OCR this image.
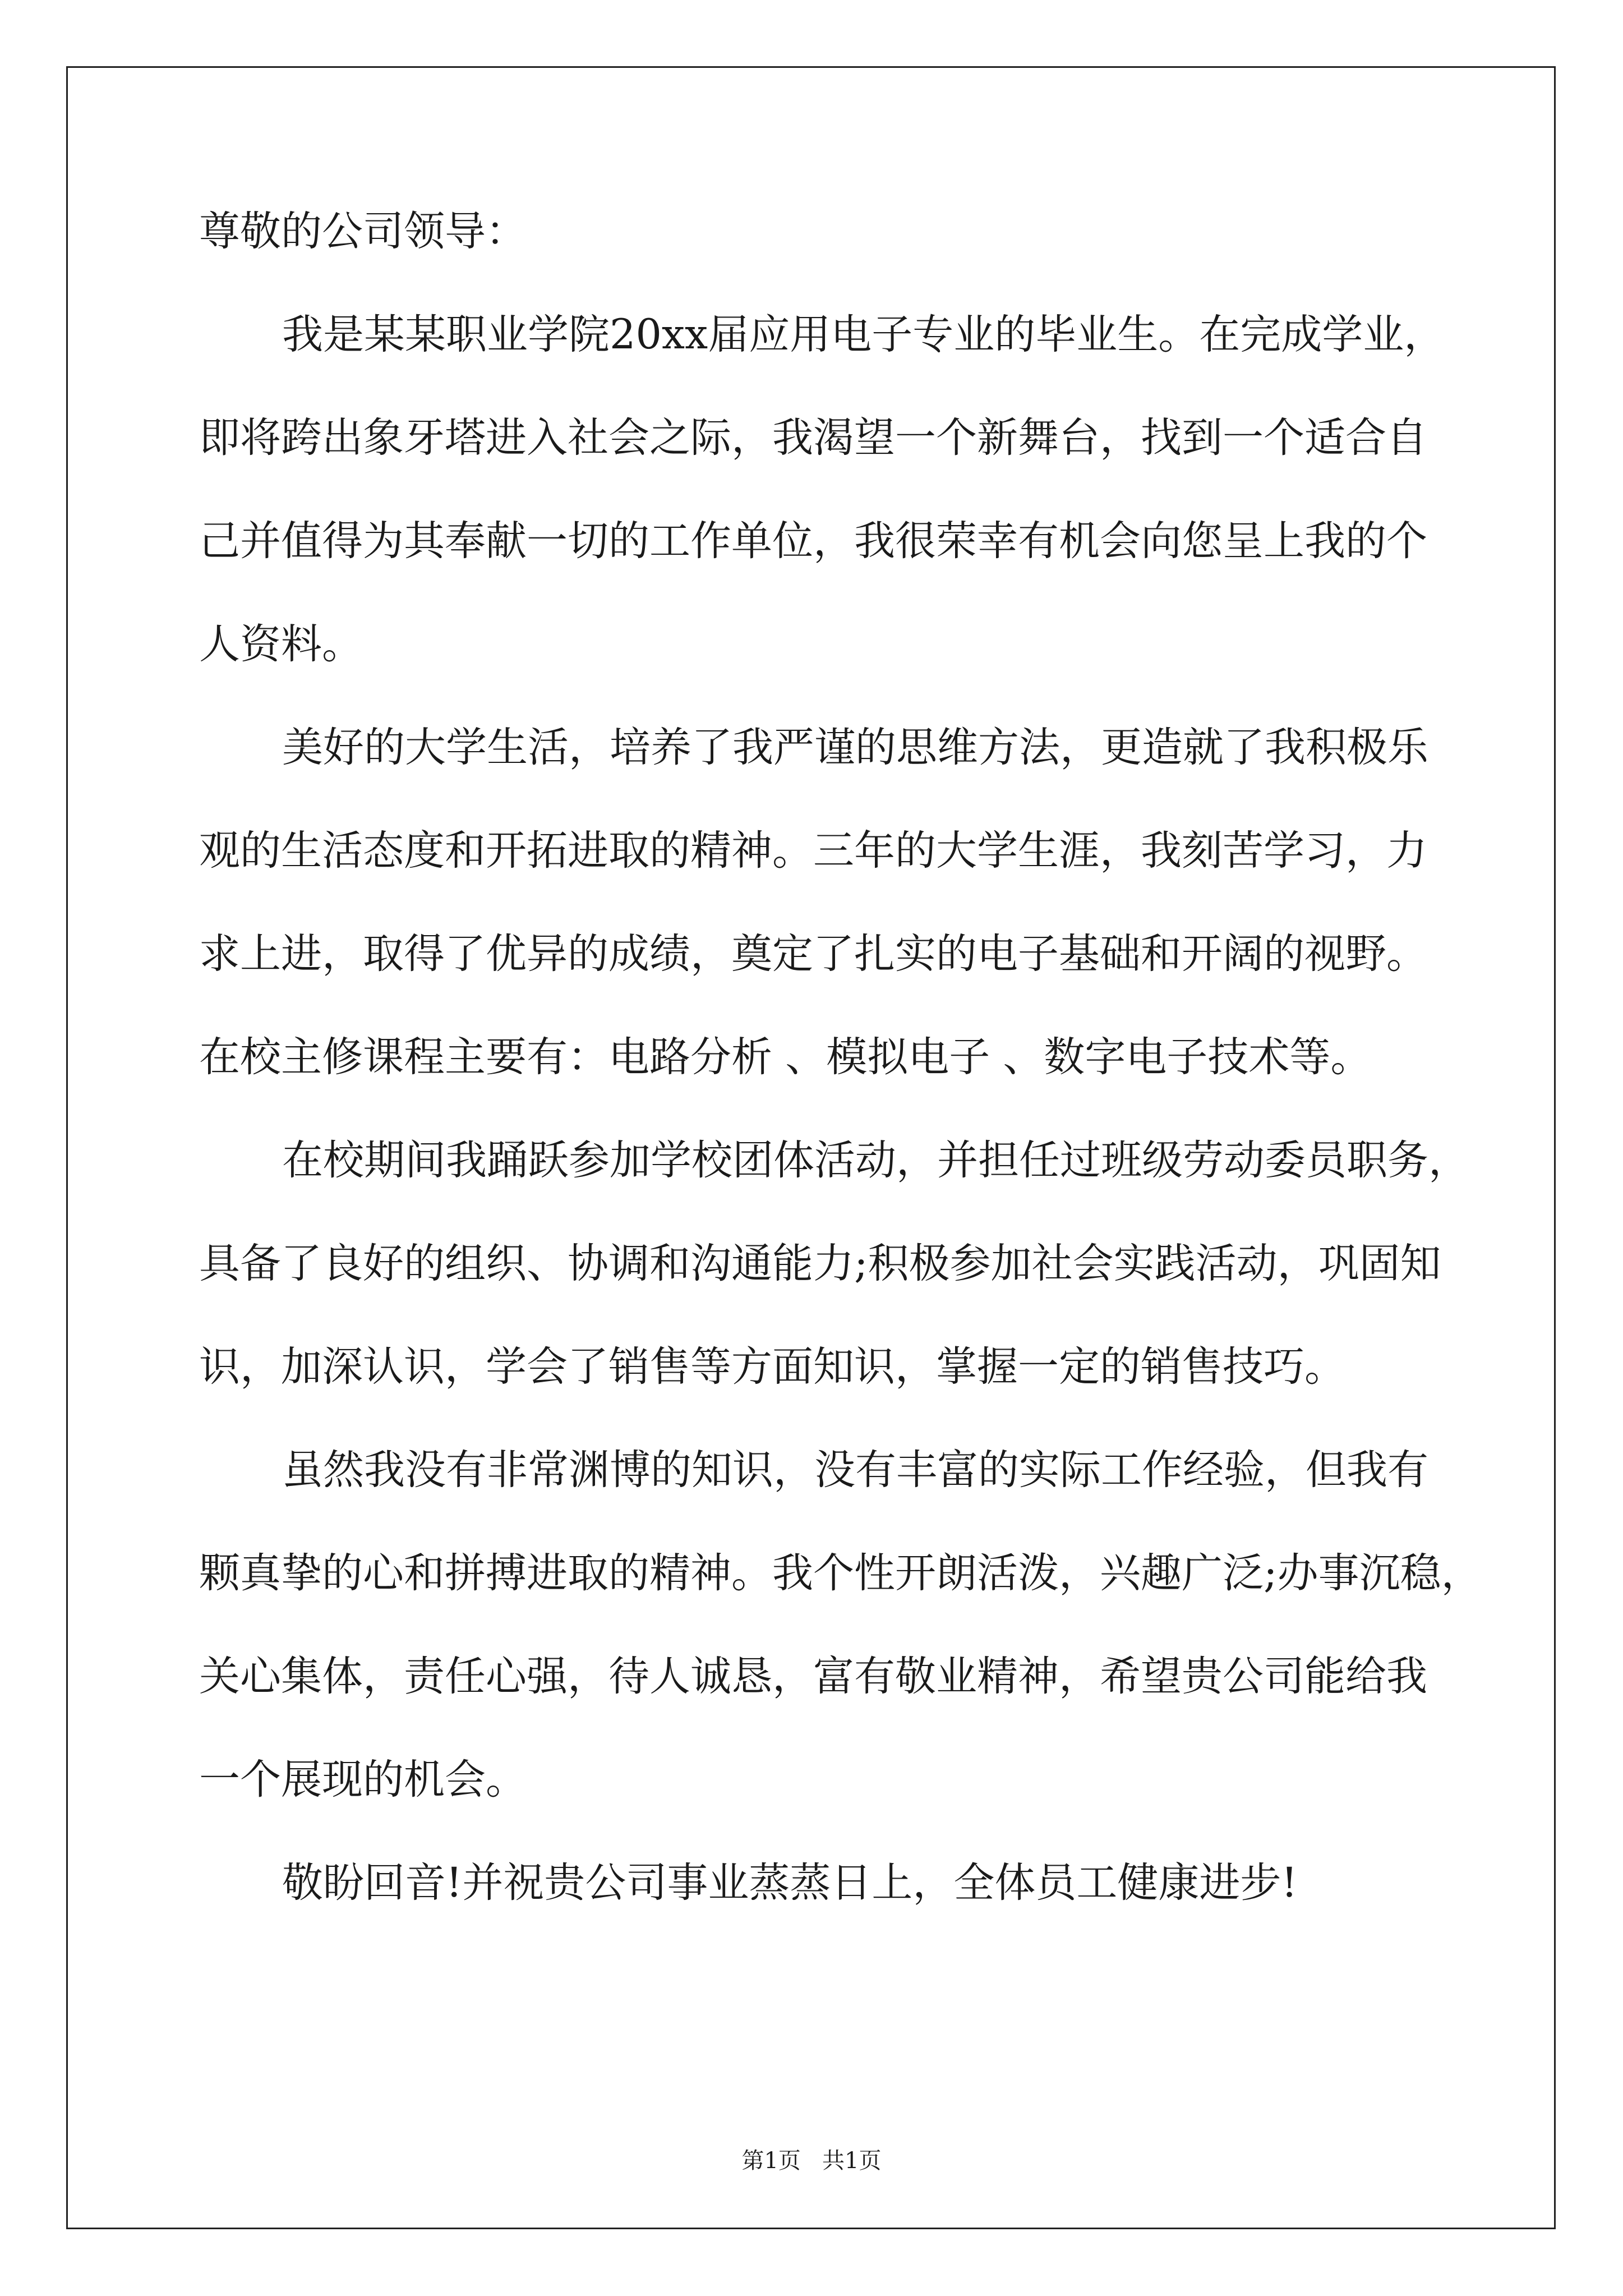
尊敬的公司领导：
我是某某职业学院20xx届应用电子专业的毕业生。在完成学业，
即将跨出象牙塔进入社会之际，我渴望一个新舞台，找到一个适合自
己并值得为其奉献一切的工作单位，我很荣幸有机会向您呈上我的个
人资料。
美好的大学生活，培养了我严谨的思维方法，更造就了我积极乐
观的生活态度和开拓进取的精神。三年的大学生涯，我刻苦学习，力
求上进，取得了优异的成绩，奠定了扎实的电子基础和开阔的视野。
在校主修课程主要有：电路分析 、模拟电子 、数字电子技术等。
在校期间我踊跃参加学校团体活动，并担任过班级劳动委员职务，
具备了良好的组织、协调和沟通能力;积极参加社会实践活动，巩固知
识，加深认识，学会了销售等方面知识，掌握一定的销售技巧。
虽然我没有非常渊博的知识，没有丰富的实际工作经验，但我有
颗真挚的心和拼搏进取的精神。我个性开朗活泼，兴趣广泛;办事沉稳，
关心集体，责任心强，待人诚恳，富有敬业精神，希望贵公司能给我
一个展现的机会。
敬盼回音!并祝贵公司事业蒸蒸日上，全体员工健康进步!
第1页   共1页
